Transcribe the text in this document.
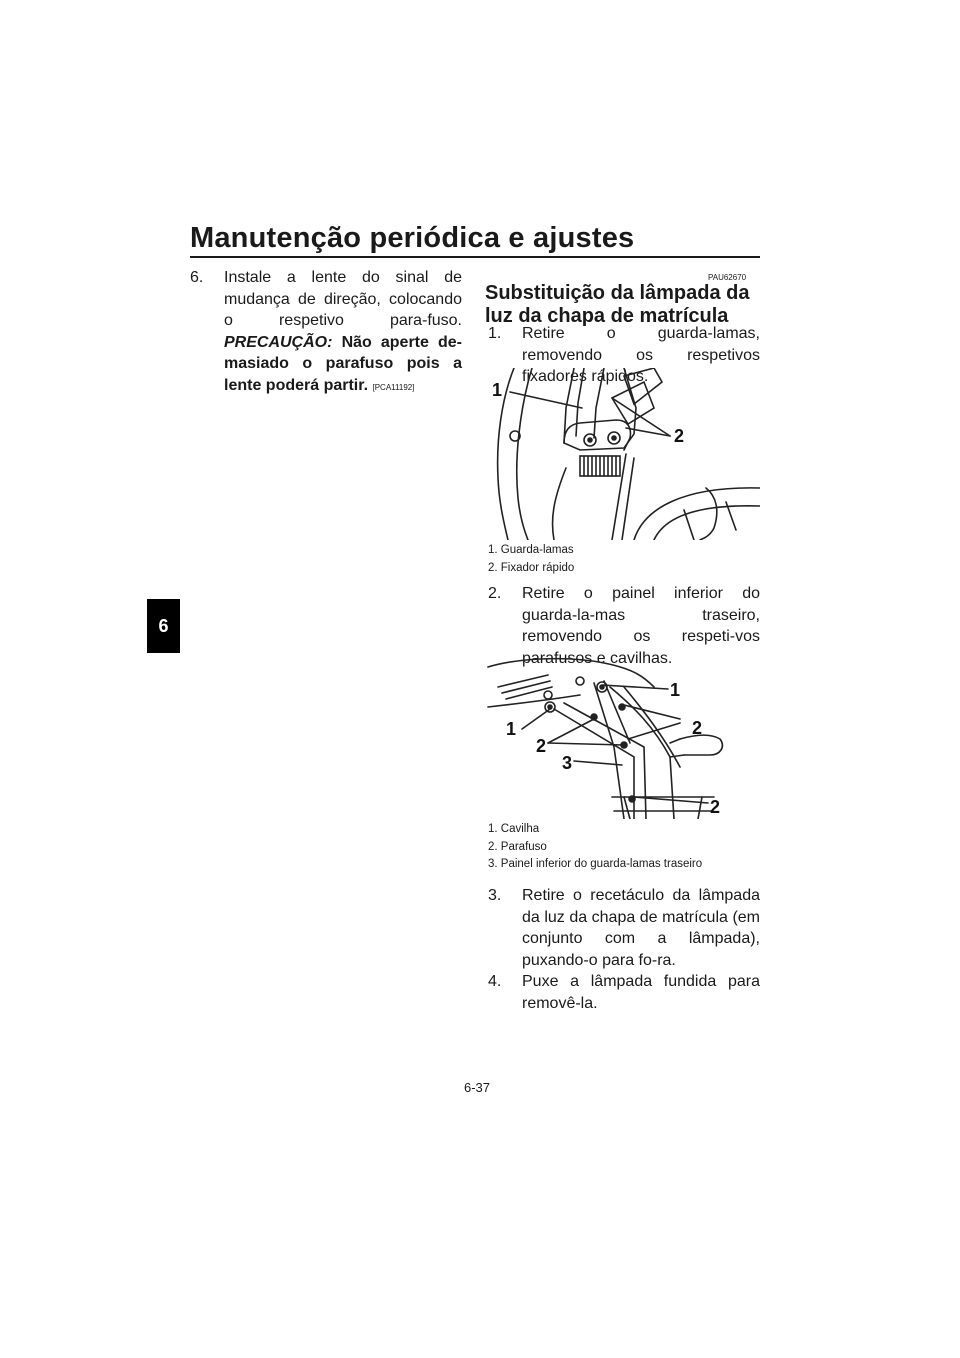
Manutenção periódica e ajustes
6

6. Instale a lente do sinal de mudança de direção, colocando o respetivo para-fuso. PRECAUÇÃO: Não aperte de-masiado o parafuso pois a lente poderá partir. [PCA11192]

PAU62670
Substituição da lâmpada da luz da chapa de matrícula

1. Retire o guarda-lamas, removendo os respetivos fixadores rápidos.

1
2
1. Guarda-lamas
2. Fixador rápido

2. Retire o painel inferior do guarda-la-mas traseiro, removendo os respeti-vos parafusos e cavilhas.

1
1	2
2
2
3
1. Cavilha
2. Parafuso
3. Painel inferior do guarda-lamas traseiro

3. Retire o recetáculo da lâmpada da luz da chapa de matrícula (em conjunto com a lâmpada), puxando-o para fo-ra.

4. Puxe a lâmpada fundida para removê-la.

6-37
